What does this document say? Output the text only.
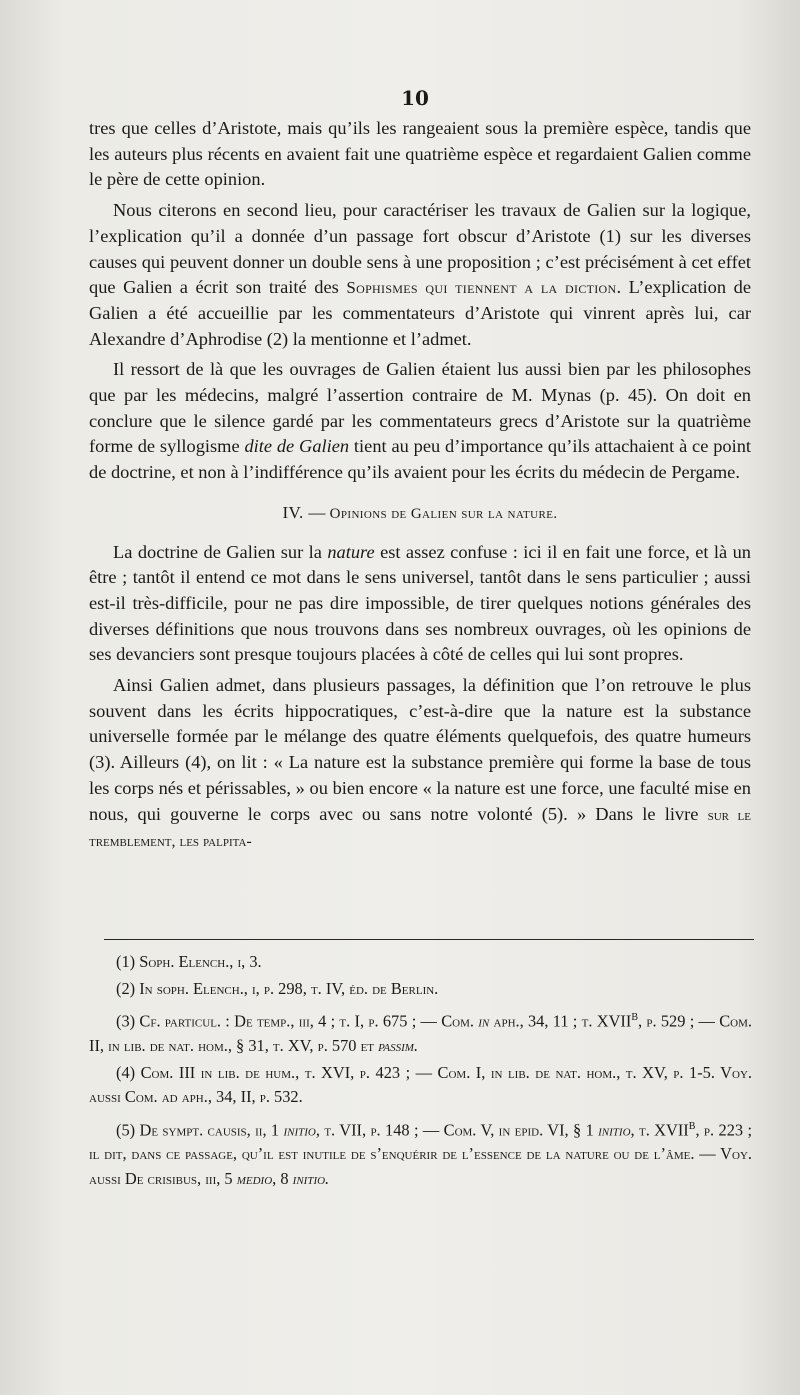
10

tres que celles d’Aristote, mais qu’ils les rangeaient sous la première espèce, tandis que les auteurs plus récents en avaient fait une quatrième espèce et regardaient Galien comme le père de cette opinion.

Nous citerons en second lieu, pour caractériser les travaux de Galien sur la logique, l’explication qu’il a donnée d’un passage fort obscur d’Aristote (1) sur les diverses causes qui peuvent donner un double sens à une proposition ; c’est précisément à cet effet que Galien a écrit son traité des Sophismes qui tiennent a la diction. L’explication de Galien a été accueillie par les commentateurs d’Aristote qui vinrent après lui, car Alexandre d’Aphrodise (2) la mentionne et l’admet.

Il ressort de là que les ouvrages de Galien étaient lus aussi bien par les philosophes que par les médecins, malgré l’assertion contraire de M. Mynas (p. 45). On doit en conclure que le silence gardé par les commentateurs grecs d’Aristote sur la quatrième forme de syllogisme dite de Galien tient au peu d’importance qu’ils attachaient à ce point de doctrine, et non à l’indifférence qu’ils avaient pour les écrits du médecin de Pergame.

IV. — Opinions de Galien sur la nature.

La doctrine de Galien sur la nature est assez confuse : ici il en fait une force, et là un être ; tantôt il entend ce mot dans le sens universel, tantôt dans le sens particulier ; aussi est-il très-difficile, pour ne pas dire impossible, de tirer quelques notions générales des diverses définitions que nous trouvons dans ses nombreux ouvrages, où les opinions de ses devanciers sont presque toujours placées à côté de celles qui lui sont propres.

Ainsi Galien admet, dans plusieurs passages, la définition que l’on retrouve le plus souvent dans les écrits hippocratiques, c’est-à-dire que la nature est la substance universelle formée par le mélange des quatre éléments quelquefois, des quatre humeurs (3). Ailleurs (4), on lit : « La nature est la substance première qui forme la base de tous les corps nés et périssables, » ou bien encore « la nature est une force, une faculté mise en nous, qui gouverne le corps avec ou sans notre volonté (5). » Dans le livre sur le tremblement, les palpita-

(1) Soph. Elench., i, 3.

(2) In soph. Elench., i, p. 298, t. IV, éd. de Berlin.

(3) Cf. particul. : De temp., iii, 4 ; t. I, p. 675 ; — Com. in aph., 34, 11 ; t. XVII$^b$, p. 529 ; — Com. II, in lib. de nat. hom., § 31, t. XV, p. 570 et passim.

(4) Com. III in lib. de hum., t. XVI, p. 423 ; — Com. I, in lib. de nat. hom., t. XV, p. 1-5. Voy. aussi Com. ad aph., 34, II, p. 532.

(5) De sympt. causis, ii, 1 initio, t. VII, p. 148 ; — Com. V, in epid. VI, § 1 initio, t. XVII$^b$, p. 223 ; il dit, dans ce passage, qu’il est inutile de s’enquérir de l’essence de la nature ou de l’âme. — Voy. aussi De crisibus, iii, 5 medio, 8 initio.
